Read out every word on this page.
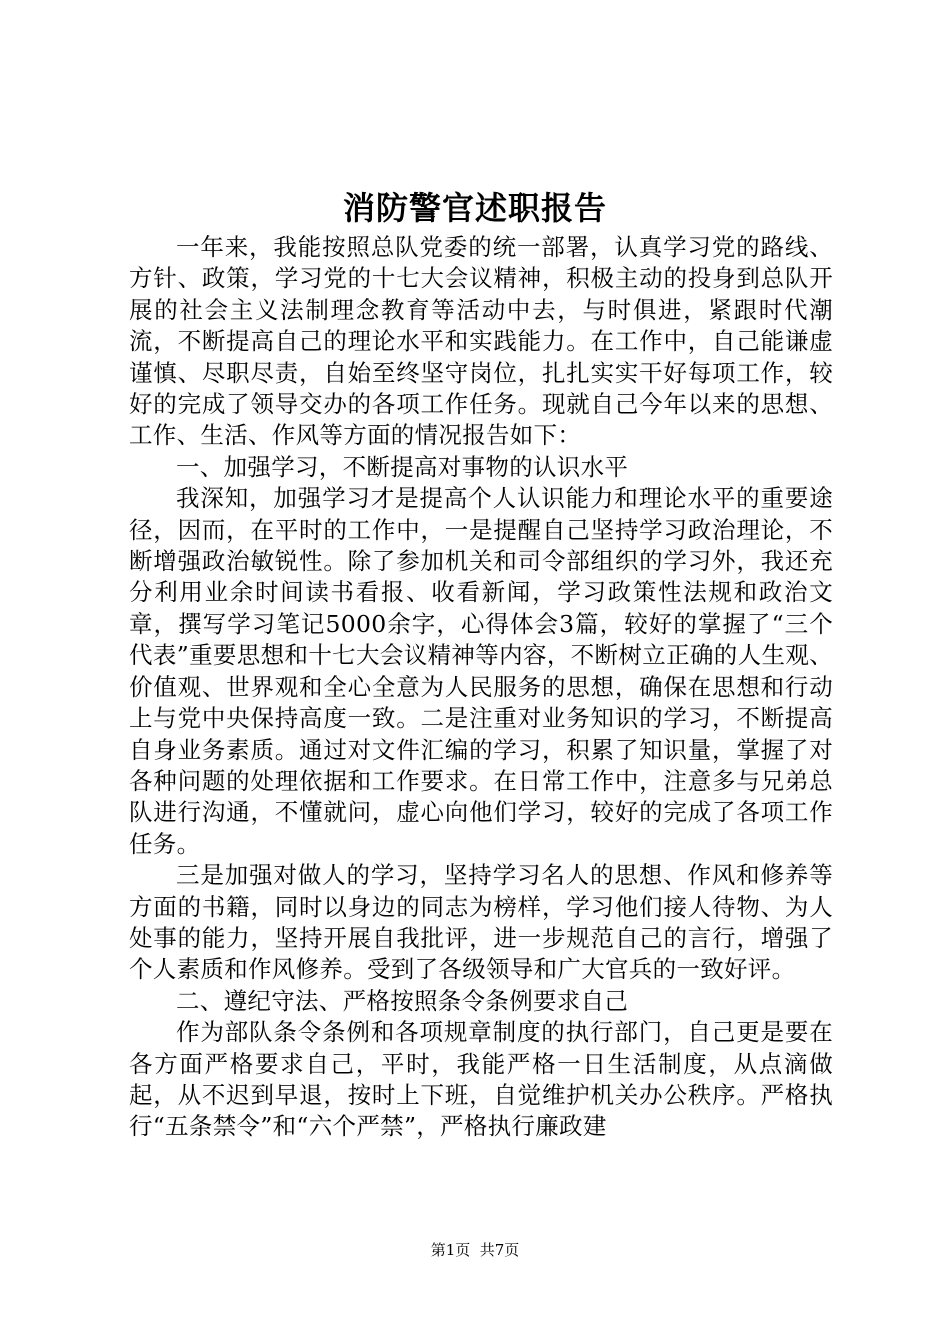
消防警官述职报告

一年来，我能按照总队党委的统一部署，认真学习党的路线、方针、政策，学习党的十七大会议精神，积极主动的投身到总队开展的社会主义法制理念教育等活动中去，与时俱进，紧跟时代潮流，不断提高自己的理论水平和实践能力。在工作中，自己能谦虚谨慎、尽职尽责，自始至终坚守岗位，扎扎实实干好每项工作，较好的完成了领导交办的各项工作任务。现就自己今年以来的思想、工作、生活、作风等方面的情况报告如下：

一、加强学习，不断提高对事物的认识水平

我深知，加强学习才是提高个人认识能力和理论水平的重要途径，因而，在平时的工作中，一是提醒自己坚持学习政治理论，不断增强政治敏锐性。除了参加机关和司令部组织的学习外，我还充分利用业余时间读书看报、收看新闻，学习政策性法规和政治文章，撰写学习笔记5000余字，心得体会3篇，较好的掌握了“三个代表”重要思想和十七大会议精神等内容，不断树立正确的人生观、价值观、世界观和全心全意为人民服务的思想，确保在思想和行动上与党中央保持高度一致。二是注重对业务知识的学习，不断提高自身业务素质。通过对文件汇编的学习，积累了知识量，掌握了对各种问题的处理依据和工作要求。在日常工作中，注意多与兄弟总队进行沟通，不懂就问，虚心向他们学习，较好的完成了各项工作任务。

三是加强对做人的学习，坚持学习名人的思想、作风和修养等方面的书籍，同时以身边的同志为榜样，学习他们接人待物、为人处事的能力，坚持开展自我批评，进一步规范自己的言行，增强了个人素质和作风修养。受到了各级领导和广大官兵的一致好评。

二、遵纪守法、严格按照条令条例要求自己

作为部队条令条例和各项规章制度的执行部门，自己更是要在各方面严格要求自己，平时，我能严格一日生活制度，从点滴做起，从不迟到早退，按时上下班，自觉维护机关办公秩序。严格执行“五条禁令”和“六个严禁”，严格执行廉政建

第1页  共7页
